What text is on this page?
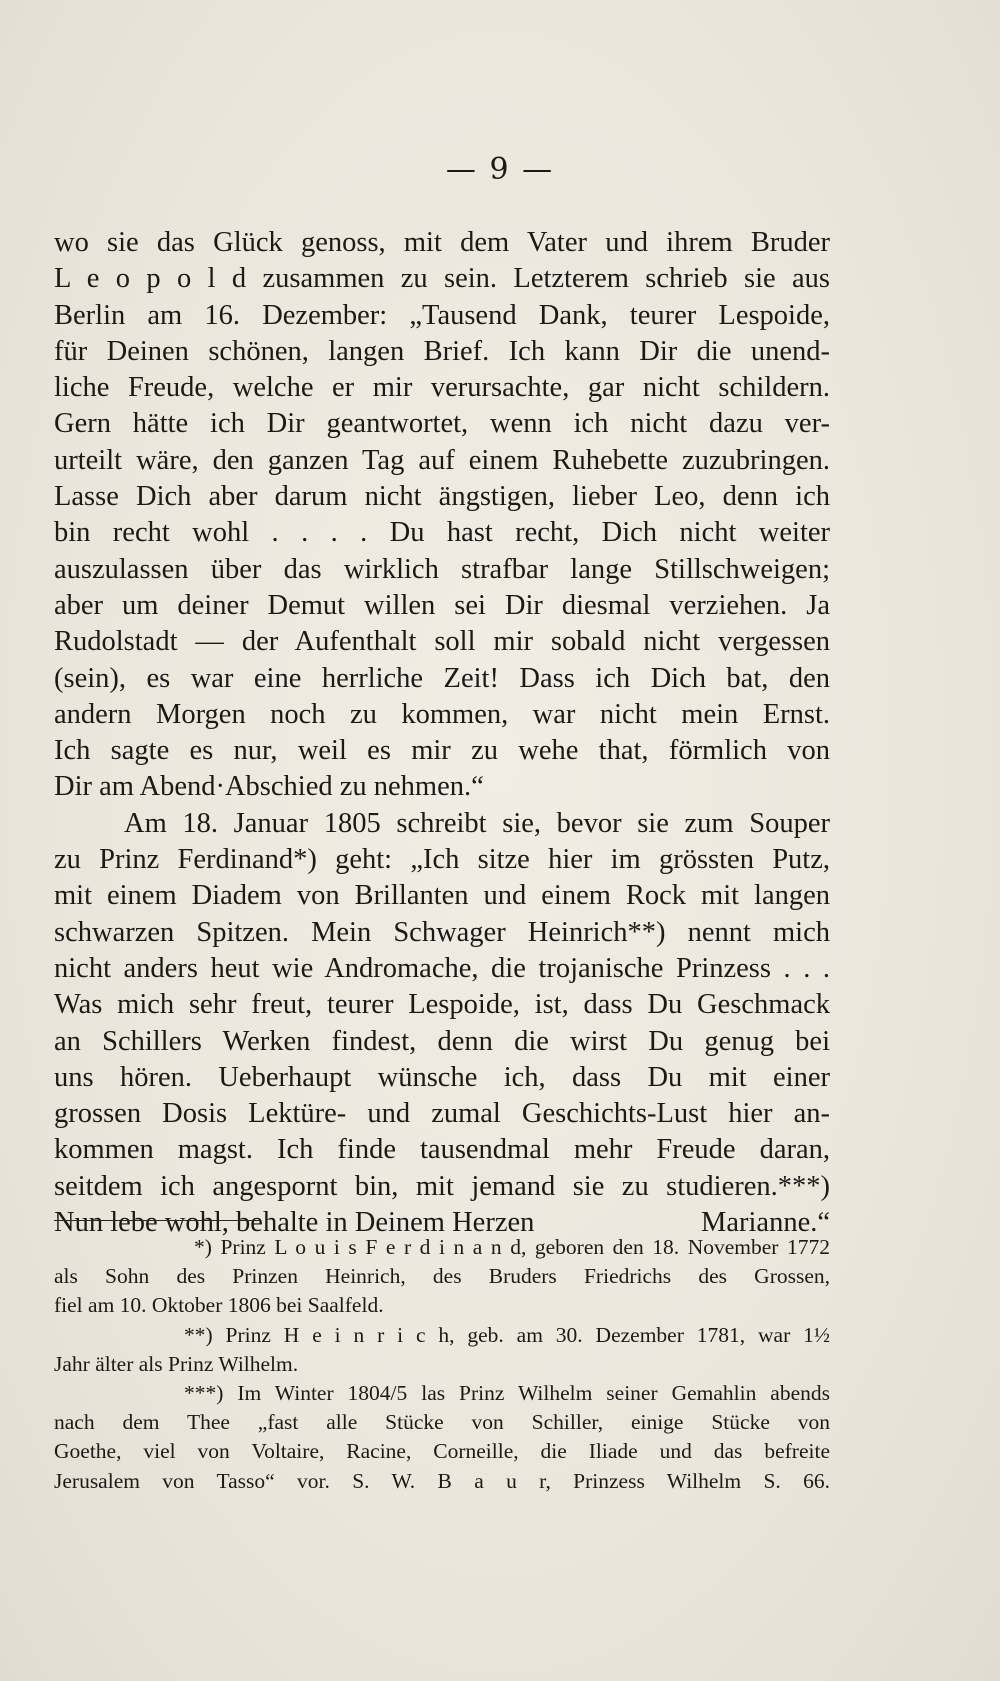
— 9 —
wo sie das Glück genoss, mit dem Vater und ihrem Bruder
L e o p o l d zusammen zu sein. Letzterem schrieb sie aus
Berlin am 16. Dezember: „Tausend Dank, teurer Lespoide,
für Deinen schönen, langen Brief. Ich kann Dir die unend-
liche Freude, welche er mir verursachte, gar nicht schildern.
Gern hätte ich Dir geantwortet, wenn ich nicht dazu ver-
urteilt wäre, den ganzen Tag auf einem Ruhebette zuzubringen.
Lasse Dich aber darum nicht ängstigen, lieber Leo, denn ich
bin recht wohl . . . . Du hast recht, Dich nicht weiter
auszulassen über das wirklich strafbar lange Stillschweigen;
aber um deiner Demut willen sei Dir diesmal verziehen. Ja
Rudolstadt — der Aufenthalt soll mir sobald nicht vergessen
(sein), es war eine herrliche Zeit! Dass ich Dich bat, den
andern Morgen noch zu kommen, war nicht mein Ernst.
Ich sagte es nur, weil es mir zu wehe that, förmlich von
Dir am Abend·Abschied zu nehmen.“
Am 18. Januar 1805 schreibt sie, bevor sie zum Souper
zu Prinz Ferdinand*) geht: „Ich sitze hier im grössten Putz,
mit einem Diadem von Brillanten und einem Rock mit langen
schwarzen Spitzen. Mein Schwager Heinrich**) nennt mich
nicht anders heut wie Andromache, die trojanische Prinzess . . .
Was mich sehr freut, teurer Lespoide, ist, dass Du Geschmack
an Schillers Werken findest, denn die wirst Du genug bei
uns hören. Ueberhaupt wünsche ich, dass Du mit einer
grossen Dosis Lektüre- und zumal Geschichts-Lust hier an-
kommen magst. Ich finde tausendmal mehr Freude daran,
seitdem ich angespornt bin, mit jemand sie zu studieren.***)
Nun lebe wohl, behalte in Deinem Herzen	Marianne.“
*) Prinz L o u i s F e r d i n a n d, geboren den 18. November 1772
als Sohn des Prinzen Heinrich, des Bruders Friedrichs des Grossen,
fiel am 10. Oktober 1806 bei Saalfeld.
**) Prinz H e i n r i c h, geb. am 30. Dezember 1781, war 1½
Jahr älter als Prinz Wilhelm.
***) Im Winter 1804/5 las Prinz Wilhelm seiner Gemahlin abends
nach dem Thee „fast alle Stücke von Schiller, einige Stücke von
Goethe, viel von Voltaire, Racine, Corneille, die Iliade und das befreite
Jerusalem von Tasso“ vor. S. W. B a u r, Prinzess Wilhelm S. 66.
